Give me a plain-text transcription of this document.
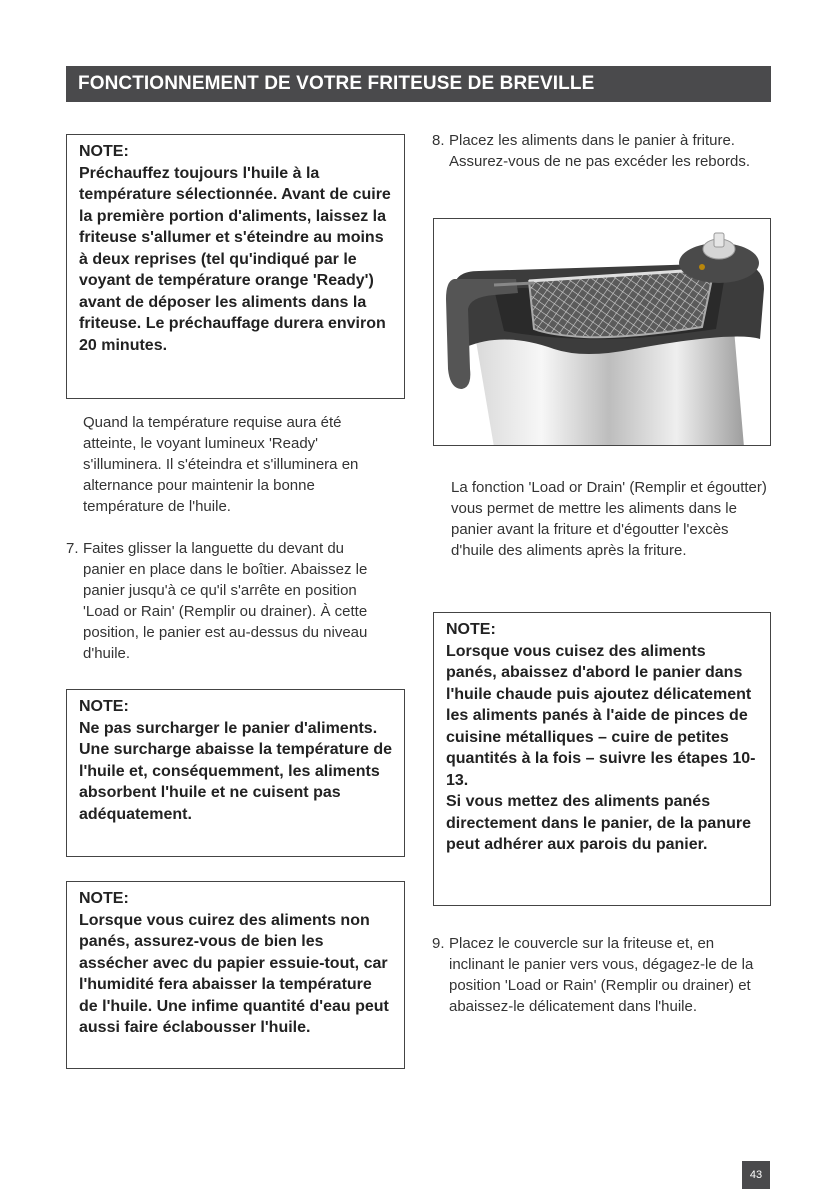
FONCTIONNEMENT DE VOTRE FRITEUSE DE BREVILLE
NOTE:
Préchauffez toujours l'huile à la température sélectionnée. Avant de cuire la première portion d'aliments, laissez la friteuse s'allumer et s'éteindre au moins à deux reprises (tel qu'indiqué par le voyant de température orange 'Ready') avant de déposer les aliments dans la friteuse. Le préchauffage durera environ 20 minutes.
Quand la température requise aura été atteinte, le voyant lumineux 'Ready' s'illuminera. Il s'éteindra et s'illuminera en alternance pour maintenir la bonne température de l'huile.
7. Faites glisser la languette du devant du panier en place dans le boîtier. Abaissez le panier jusqu'à ce qu'il s'arrête en position 'Load or Rain' (Remplir ou drainer). À cette position, le panier est au-dessus du niveau d'huile.
NOTE:
Ne pas surcharger le panier d'aliments. Une surcharge abaisse la température de l'huile et, conséquemment, les aliments absorbent l'huile et ne cuisent pas adéquatement.
NOTE:
Lorsque vous cuirez des aliments non panés, assurez-vous de bien les assécher avec du papier essuie-tout, car l'humidité fera abaisser la température de l'huile. Une infime quantité d'eau peut aussi faire éclabousser l'huile.
8. Placez les aliments dans le panier à friture. Assurez-vous de ne pas excéder les rebords.
La fonction 'Load or Drain' (Remplir et égoutter) vous permet de mettre les aliments dans le panier avant la friture et d'égoutter l'excès d'huile des aliments après la friture.
NOTE:
Lorsque vous cuisez des aliments panés, abaissez d'abord le panier dans l'huile chaude puis ajoutez délicatement les aliments panés à l'aide de pinces de cuisine métalliques – cuire de petites quantités à la fois – suivre les étapes 10-13.
Si vous mettez des aliments panés directement dans le panier, de la panure peut adhérer aux parois du panier.
9. Placez le couvercle sur la friteuse et, en inclinant le panier vers vous, dégagez-le de la position 'Load or Rain' (Remplir ou drainer) et abaissez-le délicatement dans l'huile.
43
